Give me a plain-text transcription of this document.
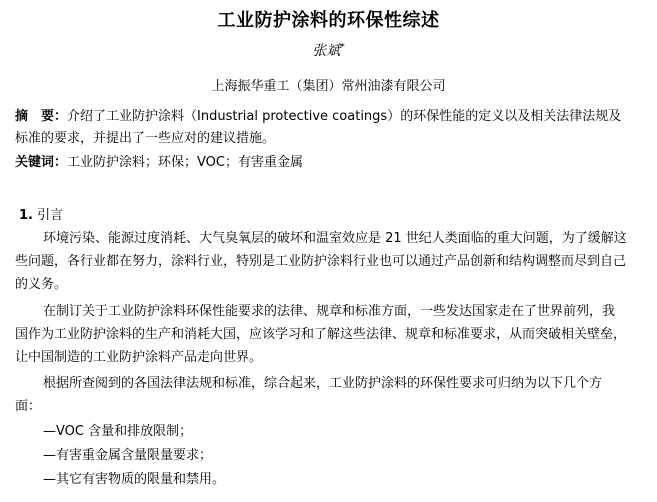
工业防护涂料的环保性综述
张斌*
上海振华重工（集团）常州油漆有限公司
摘　要：介绍了工业防护涂料（Industrial protective coatings）的环保性能的定义以及相关法律法规及标准的要求，并提出了一些应对的建议措施。
关键词：工业防护涂料；环保；VOC；有害重金属
1. 引言
环境污染、能源过度消耗、大气臭氧层的破坏和温室效应是 21 世纪人类面临的重大问题，为了缓解这些问题，各行业都在努力，涂料行业，特别是工业防护涂料行业也可以通过产品创新和结构调整而尽到自己的义务。
在制订关于工业防护涂料环保性能要求的法律、规章和标准方面，一些发达国家走在了世界前列，我国作为工业防护涂料的生产和消耗大国，应该学习和了解这些法律、规章和标准要求，从而突破相关壁垒，让中国制造的工业防护涂料产品走向世界。
根据所查阅到的各国法律法规和标准，综合起来，工业防护涂料的环保性要求可归纳为以下几个方面：
—VOC 含量和排放限制；
—有害重金属含量限量要求；
—其它有害物质的限量和禁用。
